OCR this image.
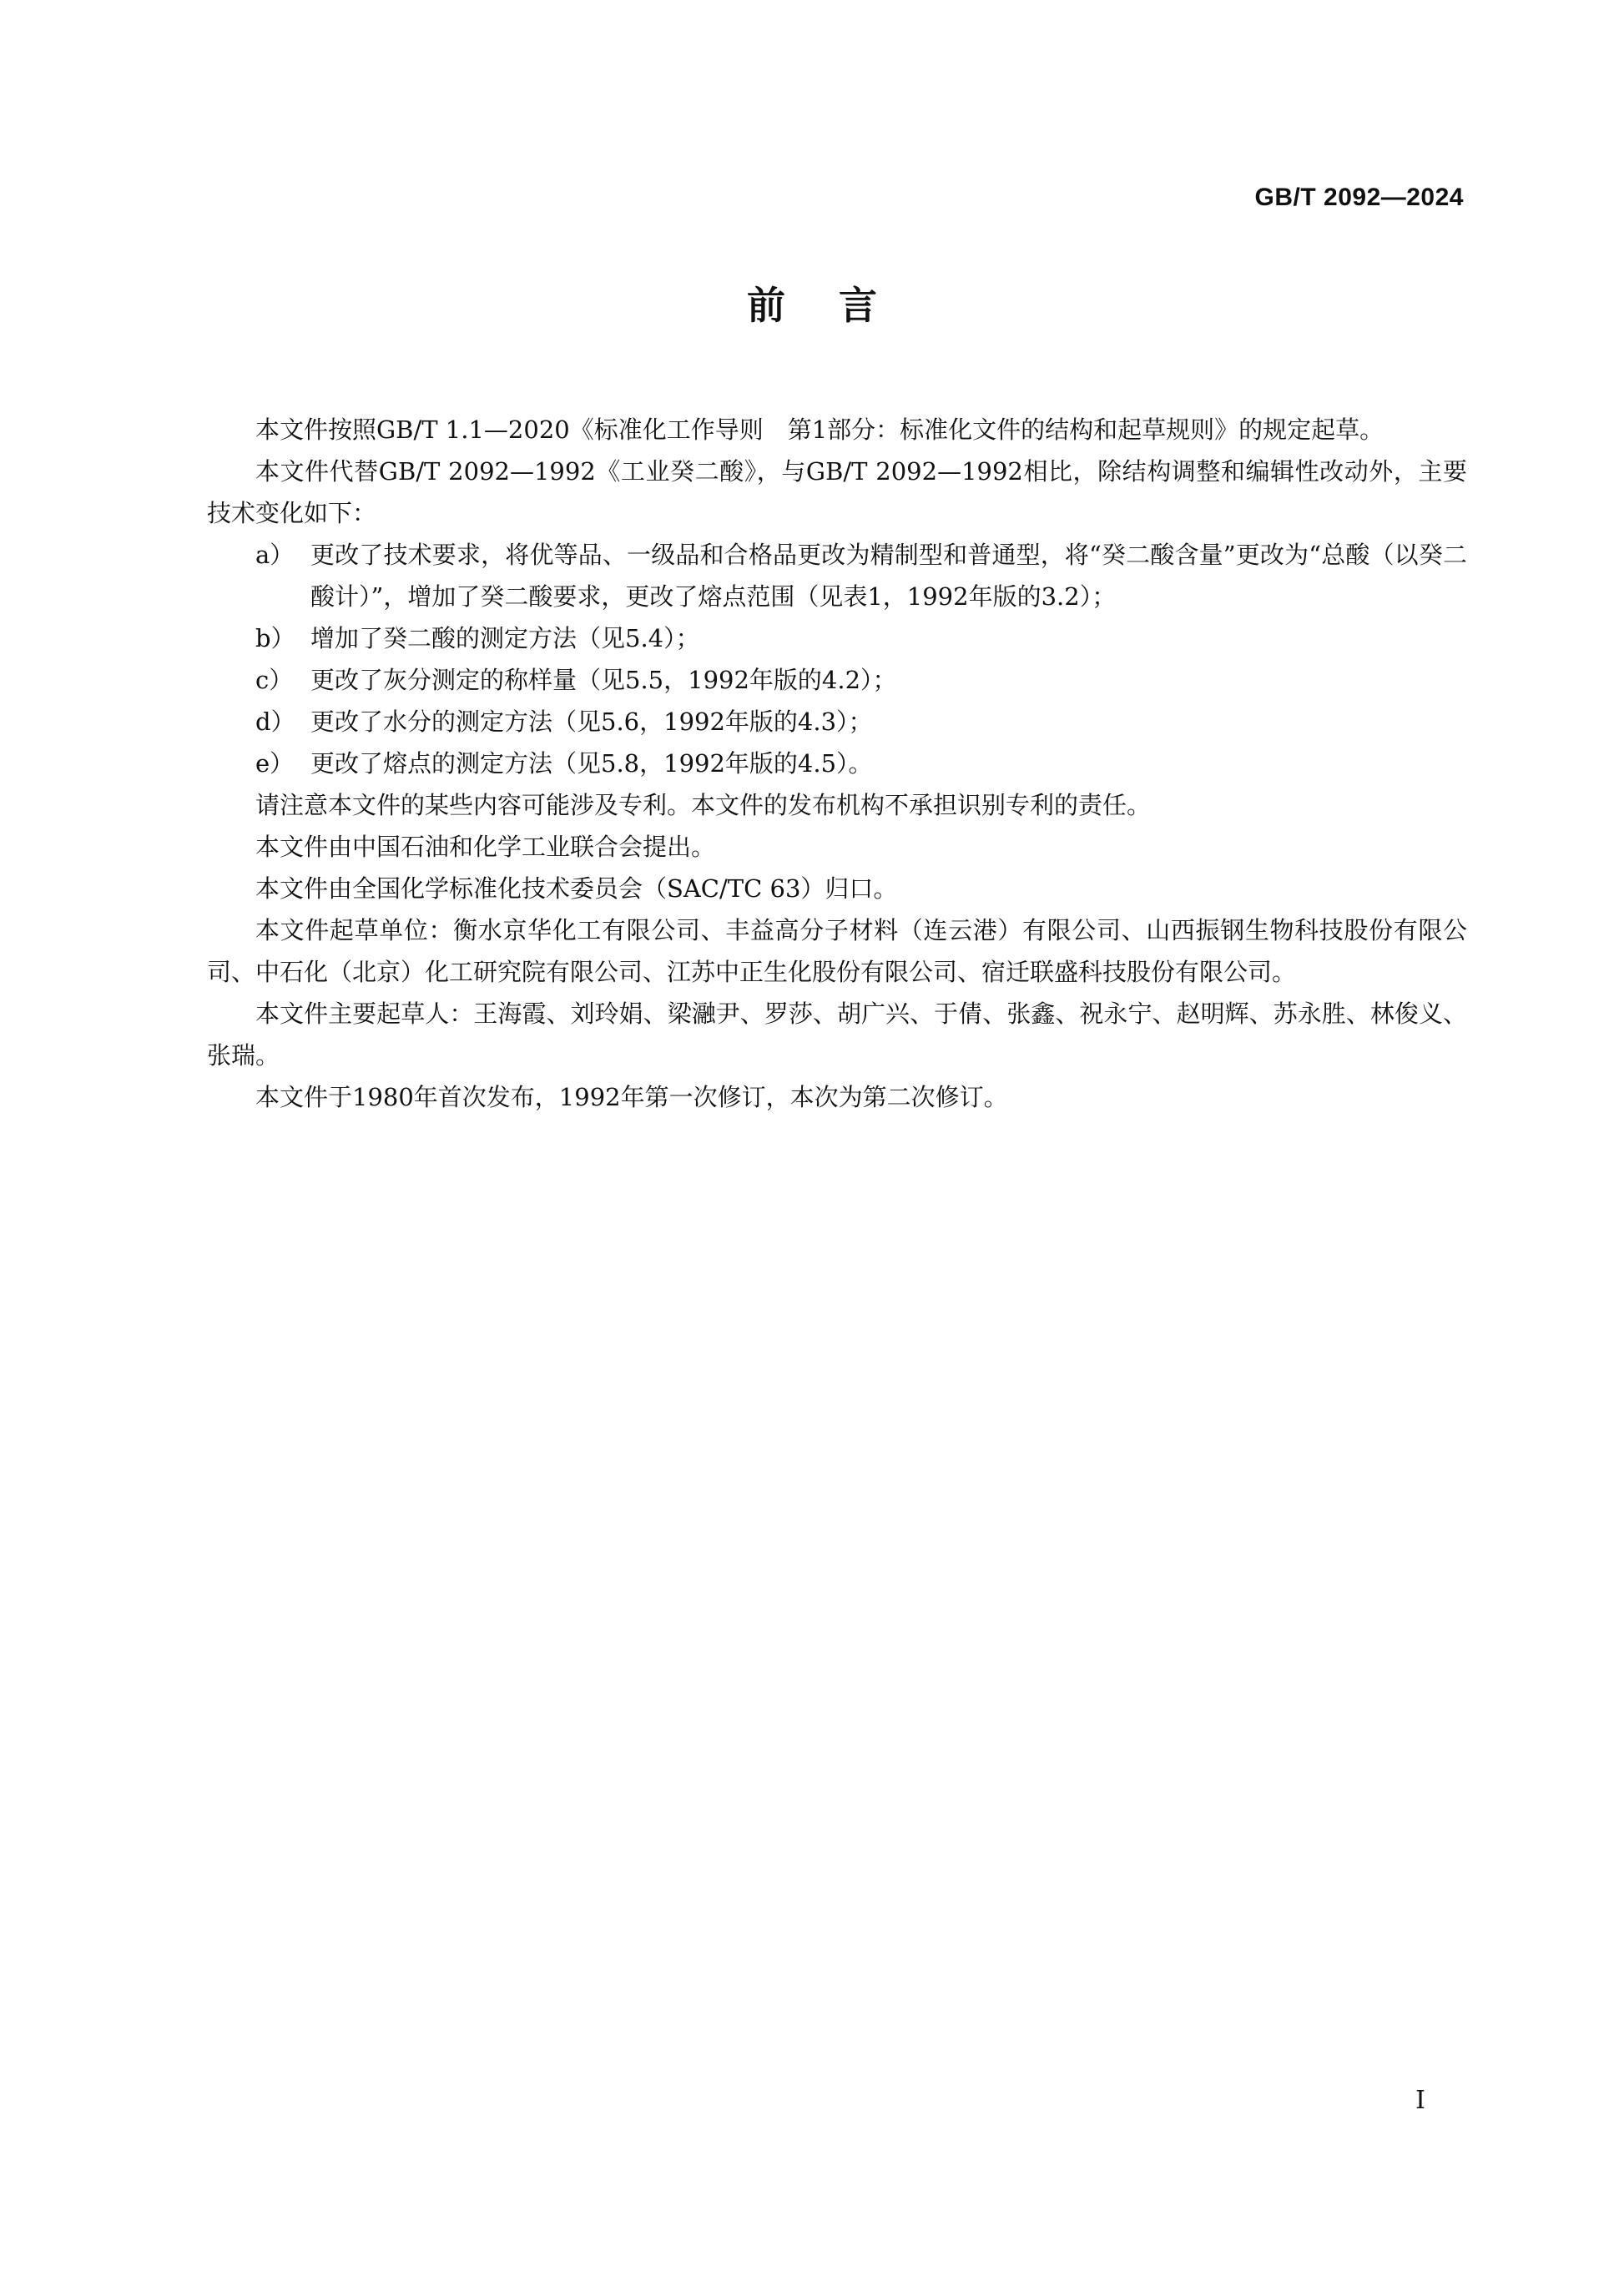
GB/T 2092—2024
前言

本文件按照GB/T 1.1—2020《标准化工作导则　第1部分：标准化文件的结构和起草规则》的规定起草。

本文件代替GB/T 2092—1992《工业癸二酸》，与GB/T 2092—1992相比，除结构调整和编辑性改动外，主要技术变化如下：

a） 更改了技术要求，将优等品、一级品和合格品更改为精制型和普通型，将“癸二酸含量”更改为“总酸（以癸二酸计）”，增加了癸二酸要求，更改了熔点范围（见表1，1992年版的3.2）；
b） 增加了癸二酸的测定方法（见5.4）；
c） 更改了灰分测定的称样量（见5.5，1992年版的4.2）；
d） 更改了水分的测定方法（见5.6，1992年版的4.3）；
e） 更改了熔点的测定方法（见5.8，1992年版的4.5）。

请注意本文件的某些内容可能涉及专利。本文件的发布机构不承担识别专利的责任。

本文件由中国石油和化学工业联合会提出。

本文件由全国化学标准化技术委员会（SAC/TC 63）归口。

本文件起草单位：衡水京华化工有限公司、丰益高分子材料（连云港）有限公司、山西振钢生物科技股份有限公司、中石化（北京）化工研究院有限公司、江苏中正生化股份有限公司、宿迁联盛科技股份有限公司。

本文件主要起草人：王海霞、刘玲娟、梁瀜尹、罗莎、胡广兴、于倩、张鑫、祝永宁、赵明辉、苏永胜、林俊义、张瑞。

本文件于1980年首次发布，1992年第一次修订，本次为第二次修订。

I
